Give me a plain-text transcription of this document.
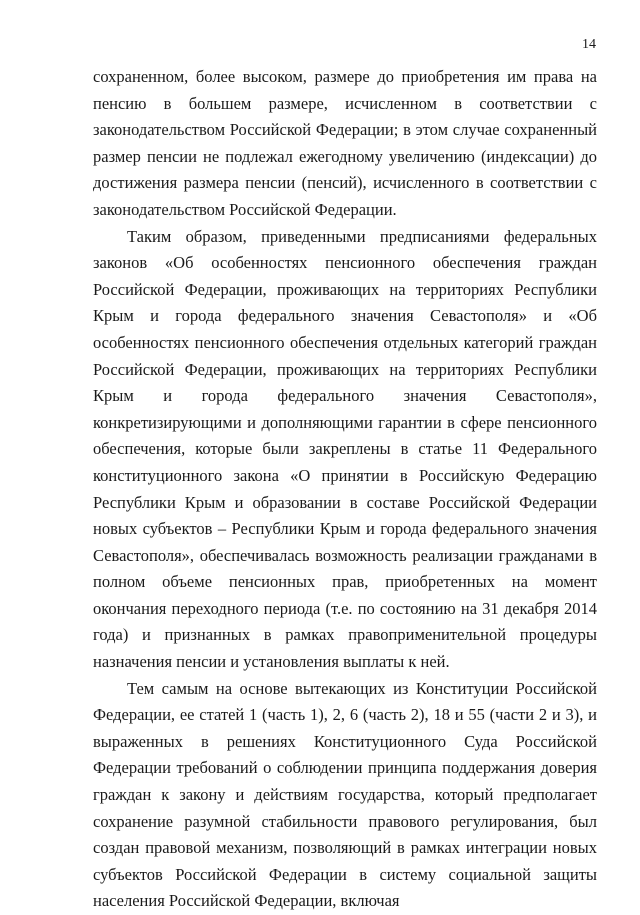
14

сохраненном, более высоком, размере до приобретения им права на пенсию в большем размере, исчисленном в соответствии с законодательством Российской Федерации; в этом случае сохраненный размер пенсии не подлежал ежегодному увеличению (индексации) до достижения размера пенсии (пенсий), исчисленного в соответствии с законодательством Российской Федерации.

Таким образом, приведенными предписаниями федеральных законов «Об особенностях пенсионного обеспечения граждан Российской Федерации, проживающих на территориях Республики Крым и города федерального значения Севастополя» и «Об особенностях пенсионного обеспечения отдельных категорий граждан Российской Федерации, проживающих на территориях Республики Крым и города федерального значения Севастополя», конкретизирующими и дополняющими гарантии в сфере пенсионного обеспечения, которые были закреплены в статье 11 Федерального конституционного закона «О принятии в Российскую Федерацию Республики Крым и образовании в составе Российской Федерации новых субъектов – Республики Крым и города федерального значения Севастополя», обеспечивалась возможность реализации гражданами в полном объеме пенсионных прав, приобретенных на момент окончания переходного периода (т.е. по состоянию на 31 декабря 2014 года) и признанных в рамках правоприменительной процедуры назначения пенсии и установления выплаты к ней.

Тем самым на основе вытекающих из Конституции Российской Федерации, ее статей 1 (часть 1), 2, 6 (часть 2), 18 и 55 (части 2 и 3), и выраженных в решениях Конституционного Суда Российской Федерации требований о соблюдении принципа поддержания доверия граждан к закону и действиям государства, который предполагает сохранение разумной стабильности правового регулирования, был создан правовой механизм, позволяющий в рамках интеграции новых субъектов Российской Федерации в систему социальной защиты населения Российской Федерации, включая
